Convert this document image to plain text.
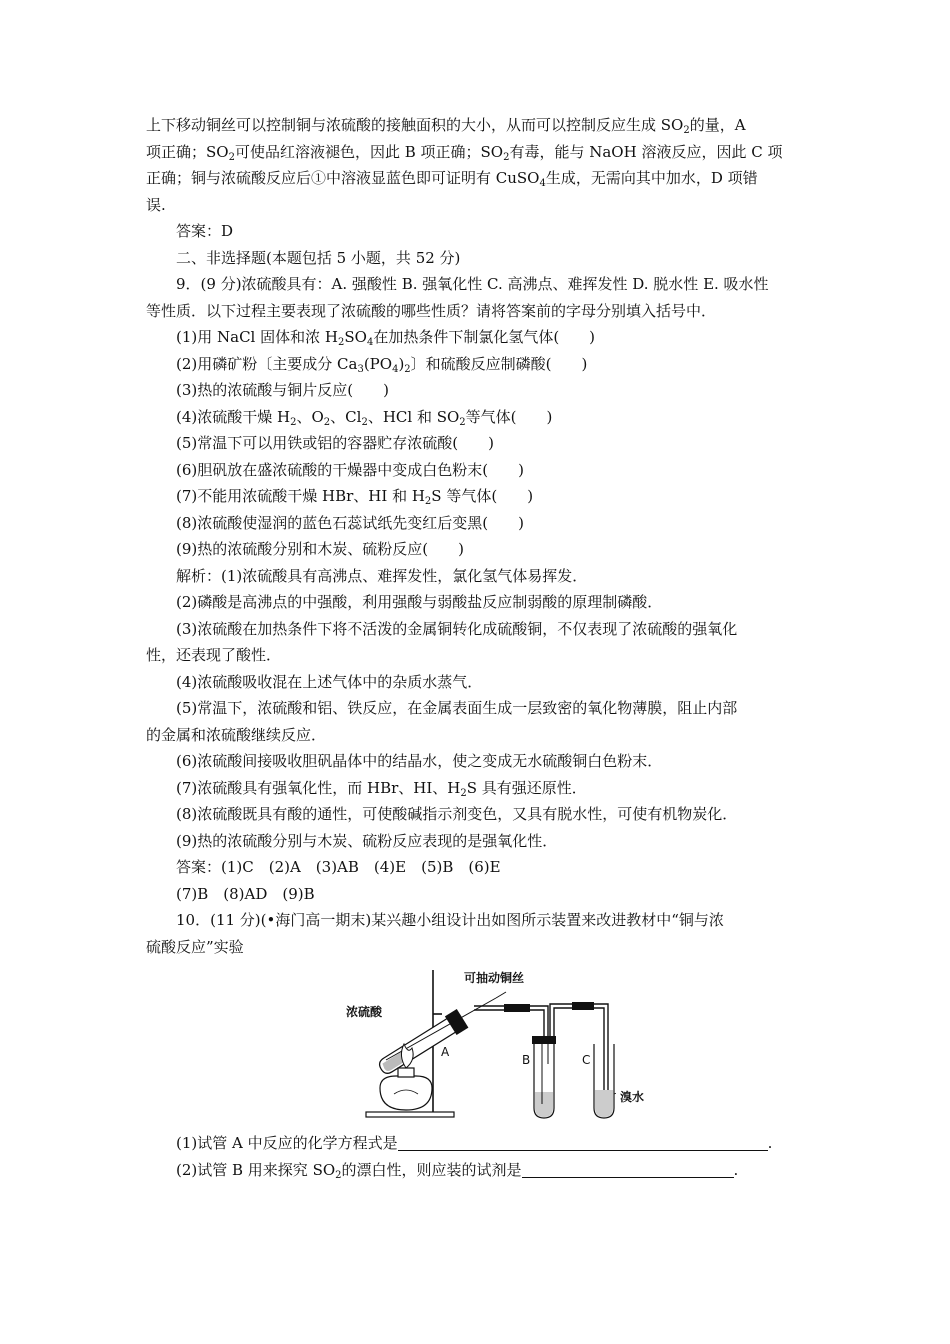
上下移动铜丝可以控制铜与浓硫酸的接触面积的大小，从而可以控制反应生成 $SO_2$的量，A

项正确；$SO_2$可使品红溶液褪色，因此 B 项正确；$SO_2$有毒，能与 NaOH 溶液反应，因此 C 项

正确；铜与浓硫酸反应后①中溶液显蓝色即可证明有 CuSO$_4$生成，无需向其中加水，D 项错

误.

答案：D

二、非选择题(本题包括 5 小题，共 52 分)

9．(9 分)浓硫酸具有：A. 强酸性 B. 强氧化性 C. 高沸点、难挥发性 D. 脱水性 E. 吸水性

等性质．以下过程主要表现了浓硫酸的哪些性质？请将答案前的字母分别填入括号中．

(1)用 NaCl 固体和浓 $H_2SO_4$在加热条件下制氯化氢气体(　　)

(2)用磷矿粉〔主要成分 $Ca_3(PO_4)_2$〕和硫酸反应制磷酸(　　)

(3)热的浓硫酸与铜片反应(　　)

(4)浓硫酸干燥 $H_2$、$O_2$、$Cl_2$、HCl 和 $SO_2$等气体(　　)

(5)常温下可以用铁或铝的容器贮存浓硫酸(　　)

(6)胆矾放在盛浓硫酸的干燥器中变成白色粉末(　　)

(7)不能用浓硫酸干燥 HBr、HI 和 $H_2S$ 等气体(　　)

(8)浓硫酸使湿润的蓝色石蕊试纸先变红后变黑(　　)

(9)热的浓硫酸分别和木炭、硫粉反应(　　)

解析：(1)浓硫酸具有高沸点、难挥发性，氯化氢气体易挥发．

(2)磷酸是高沸点的中强酸，利用强酸与弱酸盐反应制弱酸的原理制磷酸．

(3)浓硫酸在加热条件下将不活泼的金属铜转化成硫酸铜，不仅表现了浓硫酸的强氧化

性，还表现了酸性．

(4)浓硫酸吸收混在上述气体中的杂质水蒸气．

(5)常温下，浓硫酸和铝、铁反应，在金属表面生成一层致密的氧化物薄膜，阻止内部

的金属和浓硫酸继续反应．

(6)浓硫酸间接吸收胆矾晶体中的结晶水，使之变成无水硫酸铜白色粉末．

(7)浓硫酸具有强氧化性，而 HBr、HI、$H_2S$ 具有强还原性．

(8)浓硫酸既具有酸的通性，可使酸碱指示剂变色，又具有脱水性，可使有机物炭化．

(9)热的浓硫酸分别与木炭、硫粉反应表现的是强氧化性．

答案：(1)C　(2)A　(3)AB　(4)E　(5)B　(6)E

(7)B　(8)AD　(9)B

10．(11 分)(•海门高一期末)某兴趣小组设计出如图所示装置来改进教材中“铜与浓

硫酸反应”实验

可抽动铜丝
浓硫酸
A
B	C
溴水

(1)试管 A 中反应的化学方程式是	.

(2)试管 B 用来探究 $SO_2$的漂白性，则应装的试剂是	.
